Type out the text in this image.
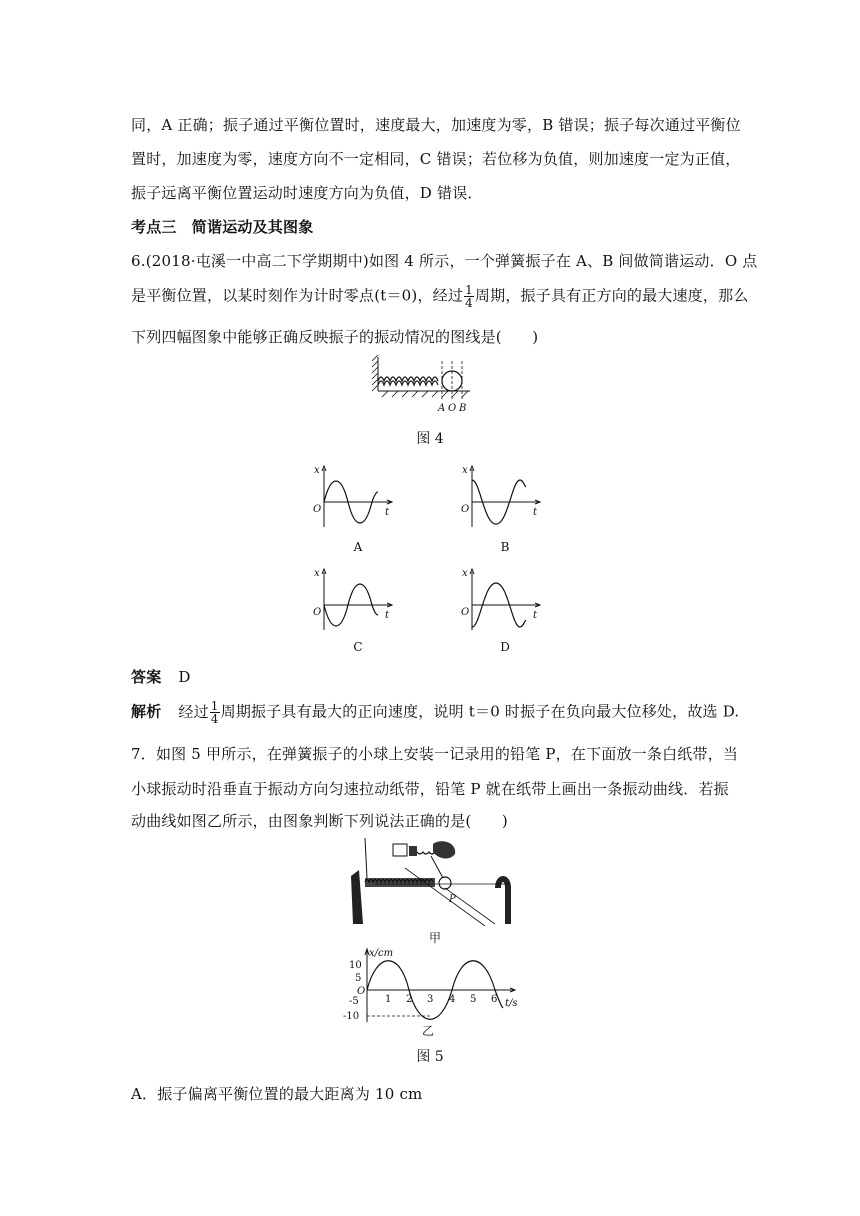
同，A 正确；振子通过平衡位置时，速度最大，加速度为零，B 错误；振子每次通过平衡位
置时，加速度为零，速度方向不一定相同，C 错误；若位移为负值，则加速度一定为正值，
振子远离平衡位置运动时速度方向为负值，D 错误．
考点三　简谐运动及其图象
6.(2018·屯溪一中高二下学期期中)如图 4 所示，一个弹簧振子在 A、B 间做简谐运动．O 点
是平衡位置，以某时刻作为计时零点(t＝0)，经过 $\frac{1}{4}$ 周期，振子具有正方向的最大速度，那么
下列四幅图象中能够正确反映振子的振动情况的图线是(　　)
A O B
图 4
x
O	t
A
x
O	t
B
x
O	t
C
x
O	t
D
答案 D
解析 经过 $\frac{1}{4}$ 周期振子具有最大的正向速度，说明 t＝0 时振子在负向最大位移处，故选 D.
7．如图 5 甲所示，在弹簧振子的小球上安装一记录用的铅笔 P，在下面放一条白纸带，当
小球振动时沿垂直于振动方向匀速拉动纸带，铅笔 P 就在纸带上画出一条振动曲线．若振
动曲线如图乙所示，由图象判断下列说法正确的是(　　)
P
甲
x/cm
t/s
O
10
5
-5
-10
1 2 3 4 5 6
乙
图 5
A．振子偏离平衡位置的最大距离为 10 cm
